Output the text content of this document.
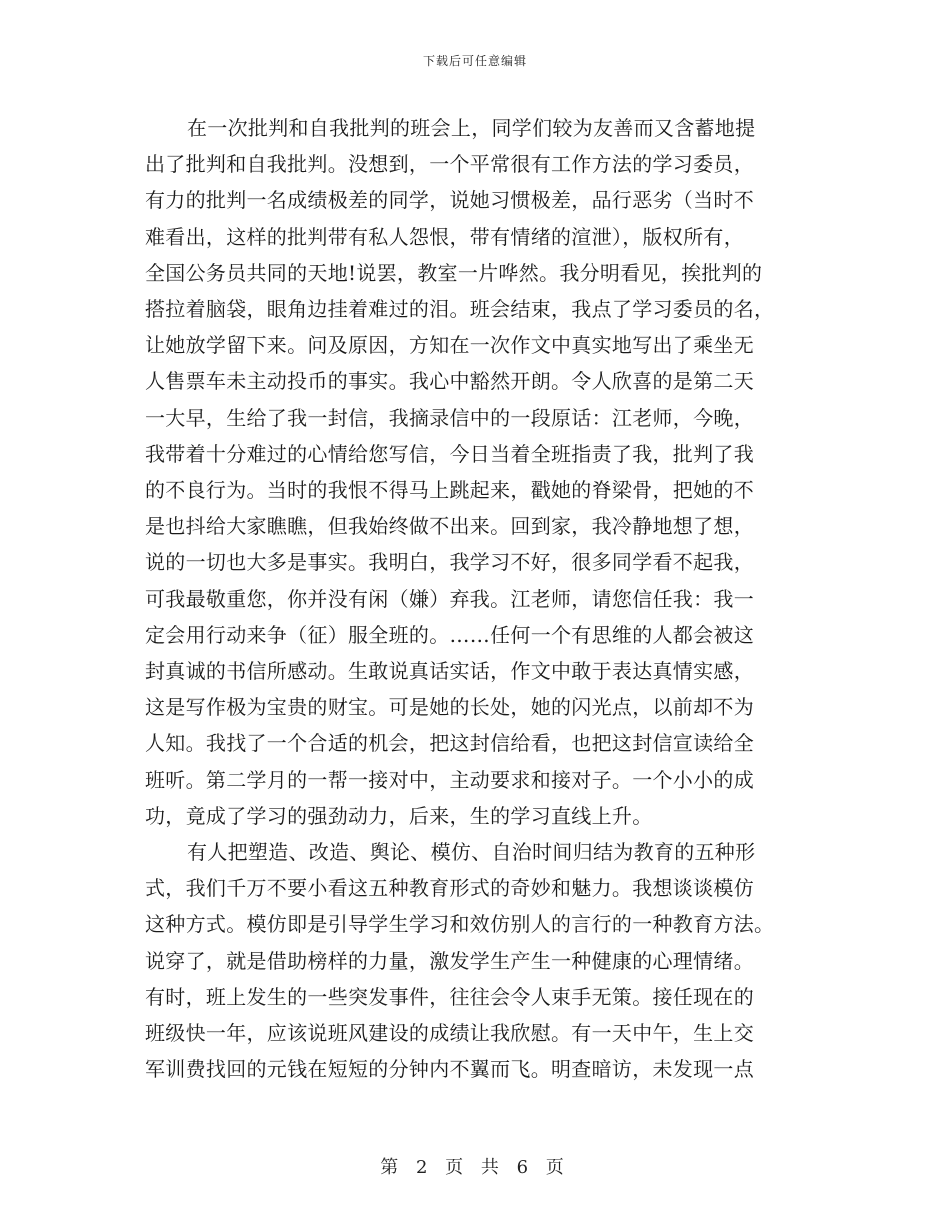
下载后可任意编辑
在一次批判和自我批判的班会上，同学们较为友善而又含蓄地提
出了批判和自我批判。没想到，一个平常很有工作方法的学习委员，
有力的批判一名成绩极差的同学，说她习惯极差，品行恶劣（当时不
难看出，这样的批判带有私人怨恨，带有情绪的渲泄），版权所有，
全国公务员共同的天地!说罢，教室一片哗然。我分明看见，挨批判的
搭拉着脑袋，眼角边挂着难过的泪。班会结束，我点了学习委员的名，
让她放学留下来。问及原因，方知在一次作文中真实地写出了乘坐无
人售票车未主动投币的事实。我心中豁然开朗。令人欣喜的是第二天
一大早，生给了我一封信，我摘录信中的一段原话：江老师，今晚，
我带着十分难过的心情给您写信，今日当着全班指责了我，批判了我
的不良行为。当时的我恨不得马上跳起来，戳她的脊梁骨，把她的不
是也抖给大家瞧瞧，但我始终做不出来。回到家，我冷静地想了想，
说的一切也大多是事实。我明白，我学习不好，很多同学看不起我，
可我最敬重您，你并没有闲（嫌）弃我。江老师，请您信任我：我一
定会用行动来争（征）服全班的。……任何一个有思维的人都会被这
封真诚的书信所感动。生敢说真话实话，作文中敢于表达真情实感，
这是写作极为宝贵的财宝。可是她的长处，她的闪光点，以前却不为
人知。我找了一个合适的机会，把这封信给看，也把这封信宣读给全
班听。第二学月的一帮一接对中，主动要求和接对子。一个小小的成
功，竟成了学习的强劲动力，后来，生的学习直线上升。
有人把塑造、改造、舆论、模仿、自治时间归结为教育的五种形
式，我们千万不要小看这五种教育形式的奇妙和魅力。我想谈谈模仿
这种方式。模仿即是引导学生学习和效仿别人的言行的一种教育方法。
说穿了，就是借助榜样的力量，激发学生产生一种健康的心理情绪。
有时，班上发生的一些突发事件，往往会令人束手无策。接任现在的
班级快一年，应该说班风建设的成绩让我欣慰。有一天中午，生上交
军训费找回的元钱在短短的分钟内不翼而飞。明查暗访，未发现一点
第 2 页 共 6 页
